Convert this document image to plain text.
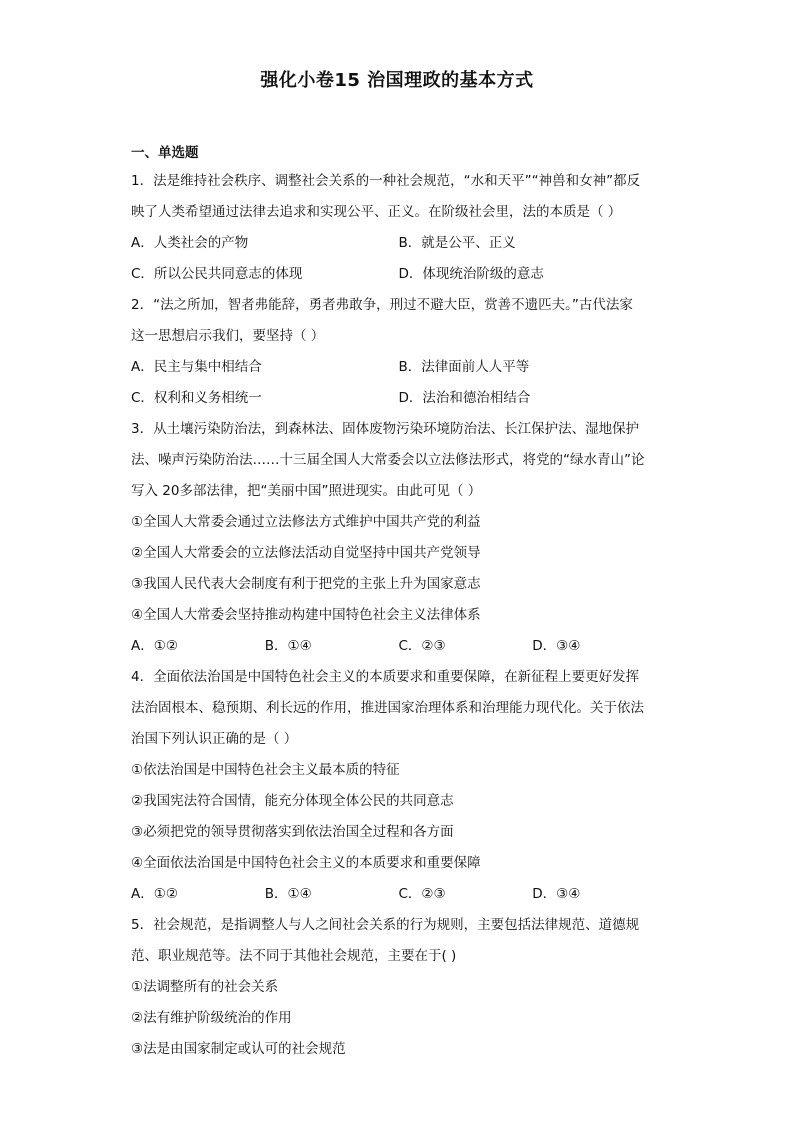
强化小卷15 治国理政的基本方式
一、单选题
1．法是维持社会秩序、调整社会关系的一种社会规范，“水和天平”“神兽和女神”都反
映了人类希望通过法律去追求和实现公平、正义。在阶级社会里，法的本质是（ ）
A．人类社会的产物	B．就是公平、正义
C．所以公民共同意志的体现	D．体现统治阶级的意志
2．“法之所加，智者弗能辞，勇者弗敢争，刑过不避大臣，赏善不遗匹夫。”古代法家
这一思想启示我们，要坚持（ ）
A．民主与集中相结合	B．法律面前人人平等
C．权利和义务相统一	D．法治和德治相结合
3．从土壤污染防治法，到森林法、固体废物污染环境防治法、长江保护法、湿地保护
法、噪声污染防治法……十三届全国人大常委会以立法修法形式，将党的“绿水青山”论
写入 20多部法律，把“美丽中国”照进现实。由此可见（ ）
①全国人大常委会通过立法修法方式维护中国共产党的利益
②全国人大常委会的立法修法活动自觉坚持中国共产党领导
③我国人民代表大会制度有利于把党的主张上升为国家意志
④全国人大常委会坚持推动构建中国特色社会主义法律体系
A．①②	B．①④	C．②③	D．③④
4．全面依法治国是中国特色社会主义的本质要求和重要保障，在新征程上要更好发挥
法治固根本、稳预期、利长远的作用，推进国家治理体系和治理能力现代化。关于依法
治国下列认识正确的是（ ）
①依法治国是中国特色社会主义最本质的特征
②我国宪法符合国情，能充分体现全体公民的共同意志
③必须把党的领导贯彻落实到依法治国全过程和各方面
④全面依法治国是中国特色社会主义的本质要求和重要保障
A．①②	B．①④	C．②③	D．③④
5．社会规范，是指调整人与人之间社会关系的行为规则，主要包括法律规范、道德规
范、职业规范等。法不同于其他社会规范，主要在于( )
①法调整所有的社会关系
②法有维护阶级统治的作用
③法是由国家制定或认可的社会规范
